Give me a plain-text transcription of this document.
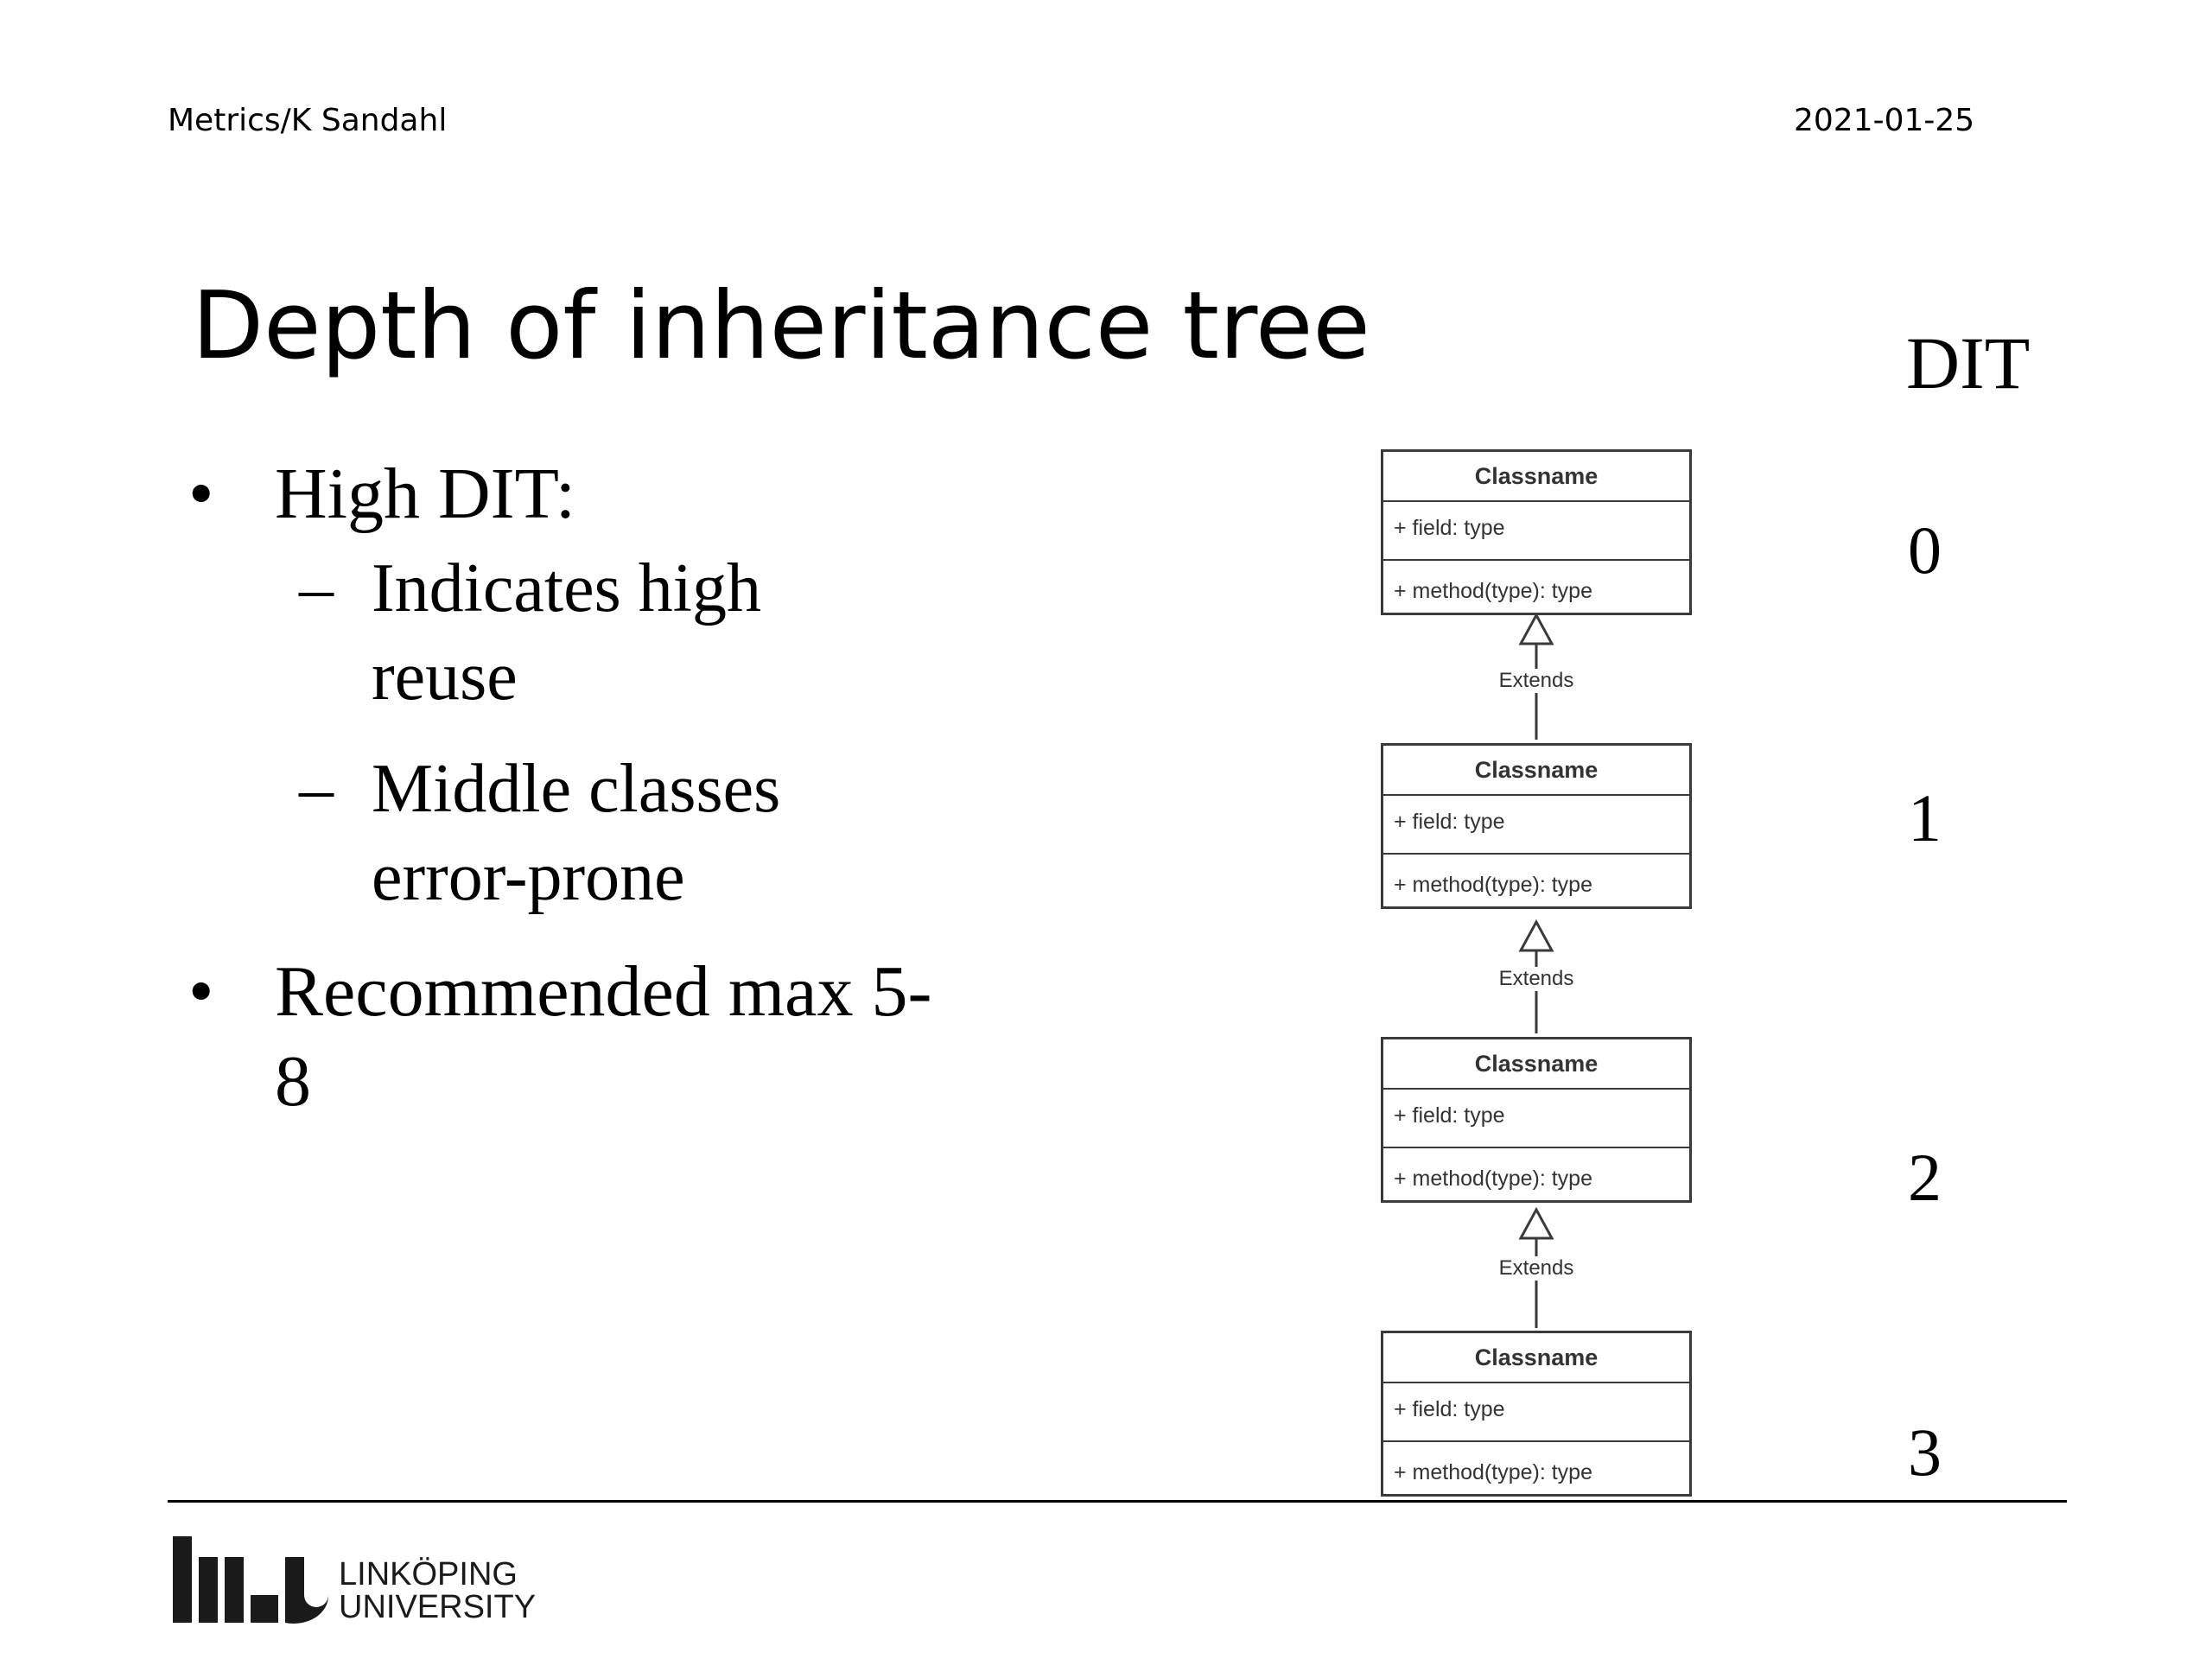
Metrics/K Sandahl	2021-01-25
Depth of inheritance tree	DIT
• High DIT:
– Indicates high reuse
– Middle classes error-prone
• Recommended max 5-8
Extends
Extends
Extends
Classname
+ field: type
+ method(type): type
Classname
+ field: type
+ method(type): type
Classname
+ field: type
+ method(type): type
Classname
+ field: type
+ method(type): type
0
1
2
3
LINKÖPING
UNIVERSITY
